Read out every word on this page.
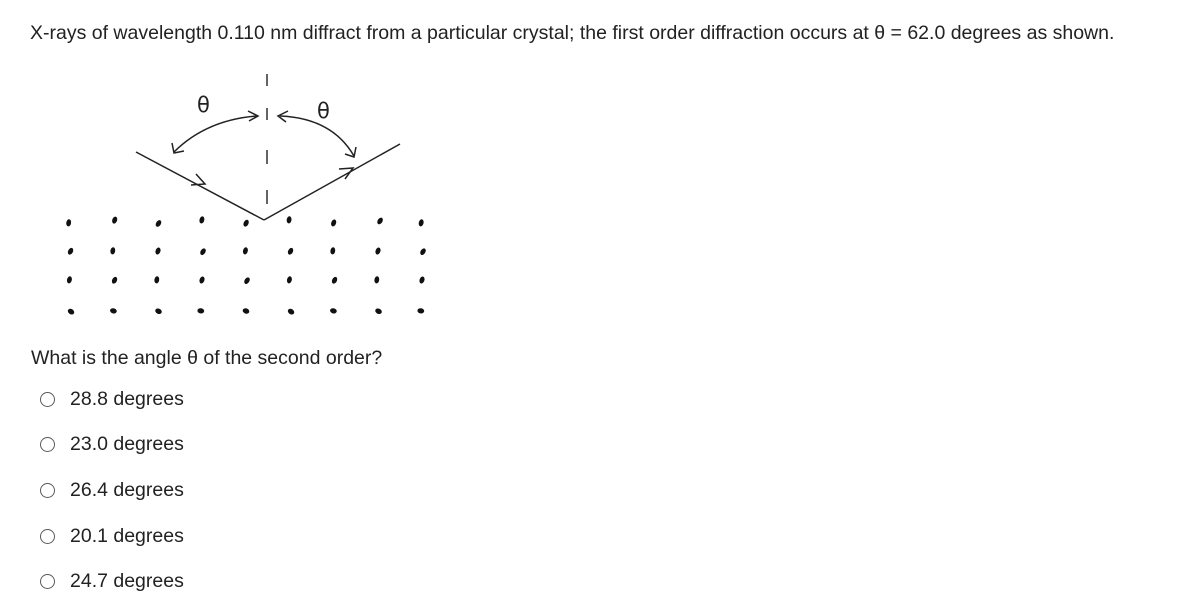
X-rays of wavelength 0.110 nm diffract from a particular crystal; the first order diffraction occurs at θ = 62.0 degrees as shown.
θ	θ
What is the angle θ of the second order?
28.8 degrees
23.0 degrees
26.4 degrees
20.1 degrees
24.7 degrees
